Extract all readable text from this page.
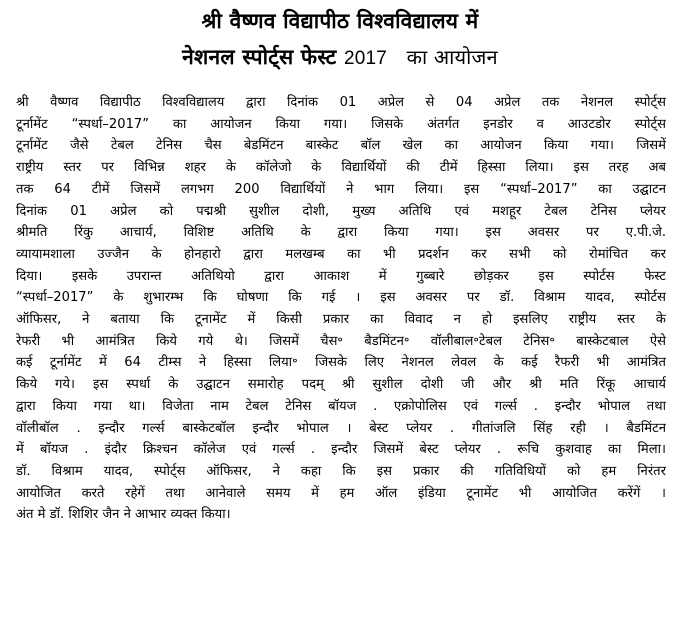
श्री वैष्णव विद्यापीठ विश्वविद्यालय में
नेशनल स्पोर्ट्स फेस्ट 2017 का आयोजन
श्री वैष्णव विद्यापीठ विश्वविद्यालय द्वारा दिनांक 01 अप्रेल से 04 अप्रेल तक नेशनल स्पोर्ट्स
टूर्नामेंट “स्पर्धा–2017” का आयोजन किया गया। जिसके अंतर्गत इनडोर व आउटडोर स्पोर्ट्स
टूर्नामेंट जैसे टेबल टेनिस चैस बेडमिंटन बास्केट बॉल खेल का आयोजन किया गया। जिसमें
राष्ट्रीय स्तर पर विभिन्न शहर के कॉलेजो के विद्यार्थियों की टीमें हिस्सा लिया। इस तरह अब
तक 64 टीमें जिसमें लगभग 200 विद्यार्थियों ने भाग लिया। इस “स्पर्धा–2017” का उद्घाटन
दिनांक 01 अप्रेल को पद्मश्री सुशील दोशी, मुख्य अतिथि एवं मशहूर टेबल टेनिस प्लेयर
श्रीमति रिंकु आचार्य, विशिष्ट अतिथि के द्वारा किया गया। इस अवसर पर ए.पी.जे.
व्यायामशाला उज्जैन के होनहारो द्वारा मलखम्ब का भी प्रदर्शन कर सभी को रोमांचित कर
दिया। इसके उपरान्त अतिथियो द्वारा आकाश में गुब्बारे छोड़कर इस स्पोर्टस फेस्ट
“स्पर्धा–2017” के शुभारम्भ कि घोषणा कि गई । इस अवसर पर डॉ. विश्राम यादव, स्पोर्टस
ऑफिसर, ने बताया कि टूनामेंट में किसी प्रकार का विवाद न हो इसलिए राष्ट्रीय स्तर के
रेफरी भी आमंत्रित किये गये थे। जिसमें चैस॰ बैडमिंटन॰ वॉलीबाल॰टेबल टेनिस॰ बास्केटबाल ऐसे
कई टूर्नामेंट में 64 टीम्स ने हिस्सा लिया॰ जिसके लिए नेशनल लेवल के कई रैफरी भी आमंत्रित
किये गये। इस स्पर्धा के उद्घाटन समारोह पदम् श्री सुशील दोशी जी और श्री मति रिंकू आचार्य
द्वारा किया गया था। विजेता नाम टेबल टेनिस बॉयज . एक्रोपोलिस एवं गर्ल्स . इन्दौर भोपाल तथा
वॉलीबॉल . इन्दौर गर्ल्स बास्केटबॉल इन्दौर भोपाल । बेस्ट प्लेयर . गीतांजलि सिंह रही । बैडमिंटन
में बॉयज . इंदौर क्रिश्चन कॉलेज एवं गर्ल्स . इन्दौर जिसमें बेस्ट प्लेयर . रूचि कुशवाह का मिला।
डॉ. विश्राम यादव, स्पोर्ट्स ऑफिसर, ने कहा कि इस प्रकार की गतिविधियों को हम निरंतर
आयोजित करते रहेगें तथा आनेवाले समय में हम ऑल इंडिया टूनामेंट भी आयोजित करेंगें ।
अंत मे डॉ. शिशिर जैन ने आभार व्यक्त किया।
